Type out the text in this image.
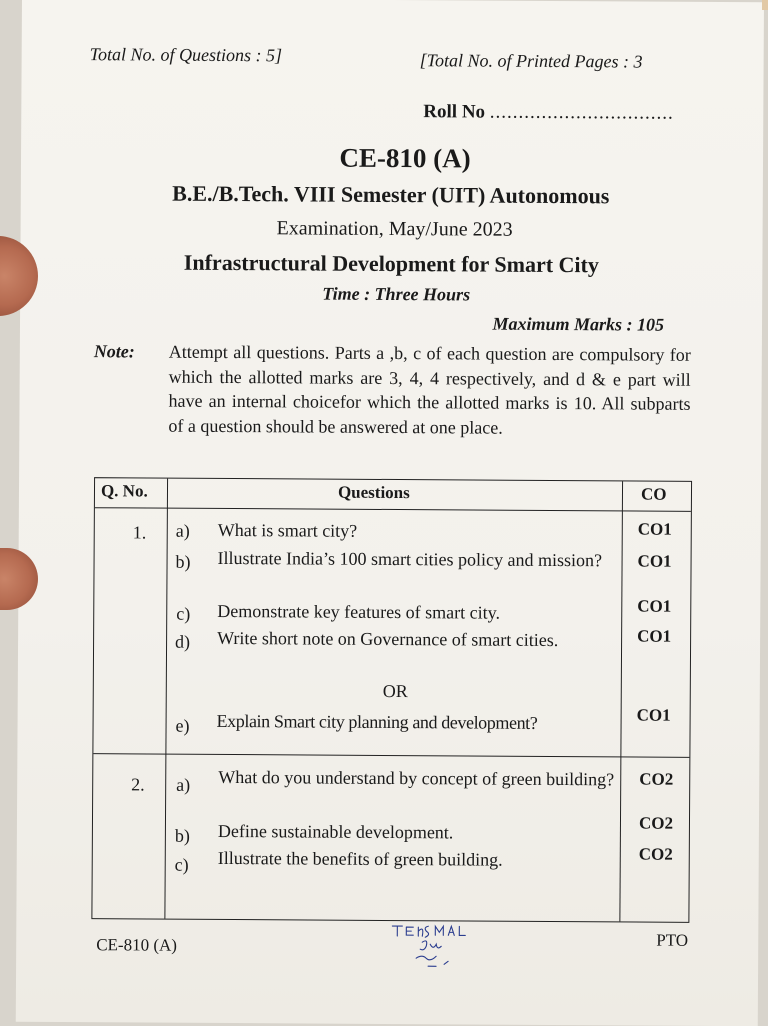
Total No. of Questions : 5]	[Total No. of Printed Pages : 3
Roll No ................................
CE-810 (A)
B.E./B.Tech. VIII Semester (UIT) Autonomous
Examination, May/June 2023
Infrastructural Development for Smart City
Time : Three Hours
Maximum Marks : 105
Note: Attempt all questions. Parts a ,b, c of each question are compulsory for which the allotted marks are 3, 4, 4 respectively, and d & e part will have an internal choicefor which the allotted marks is 10. All subparts of a question should be answered at one place.
Q. No.	Questions	CO
1. a) What is smart city?	CO1
b) Illustrate India’s 100 smart cities policy and mission?	CO1
c) Demonstrate key features of smart city.	CO1
d) Write short note on Governance of smart cities.	CO1
OR
e) Explain Smart city planning and development?	CO1
2. a) What do you understand by concept of green building? CO2
b) Define sustainable development.	CO2
c) Illustrate the benefits of green building.	CO2
CE-810 (A)	PTO
